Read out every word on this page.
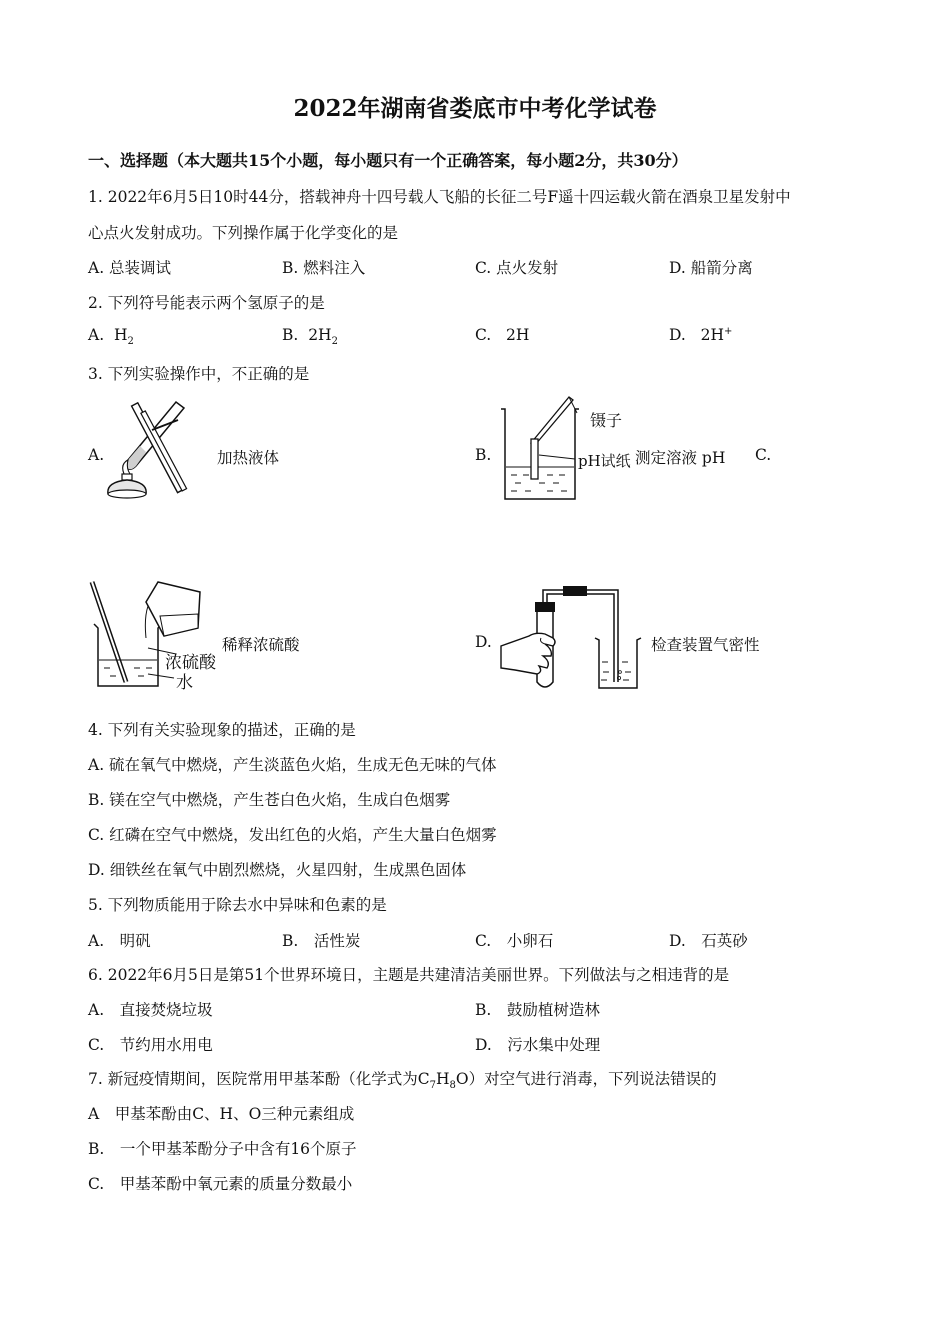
2022年湖南省娄底市中考化学试卷
一、选择题（本大题共15个小题，每小题只有一个正确答案，每小题2分，共30分）
1. 2022年6月5日10时44分，搭载神舟十四号载人飞船的长征二号F遥十四运载火箭在酒泉卫星发射中
心点火发射成功。下列操作属于化学变化的是
A. 总装调试	B. 燃料注入	C. 点火发射	D. 船箭分离
2. 下列符号能表示两个氢原子的是
A. $H_2$	B. $2H_2$	C. 2H	D. 2H+
3. 下列实验操作中，不正确的是
A.	加热液体	B.
镊子
pH试纸 测定溶液 pH C.
浓硫酸
水
稀释浓硫酸	D.	检查装置气密性
4. 下列有关实验现象的描述，正确的是
A. 硫在氧气中燃烧，产生淡蓝色火焰，生成无色无味的气体
B. 镁在空气中燃烧，产生苍白色火焰，生成白色烟雾
C. 红磷在空气中燃烧，发出红色的火焰，产生大量白色烟雾
D. 细铁丝在氧气中剧烈燃烧，火星四射，生成黑色固体
5. 下列物质能用于除去水中异味和色素的是
A.　明矾	B.　活性炭	C.　小卵石	D.　石英砂
6. 2022年6月5日是第51个世界环境日，主题是共建清洁美丽世界。下列做法与之相违背的是
A.　直接焚烧垃圾	B.　鼓励植树造林
C.　节约用水用电	D.　污水集中处理
7. 新冠疫情期间，医院常用甲基苯酚（化学式为$C_7H_8O$）对空气进行消毒，下列说法错误的
A　甲基苯酚由C、H、O三种元素组成
B.　一个甲基苯酚分子中含有16个原子
C.　甲基苯酚中氧元素的质量分数最小
